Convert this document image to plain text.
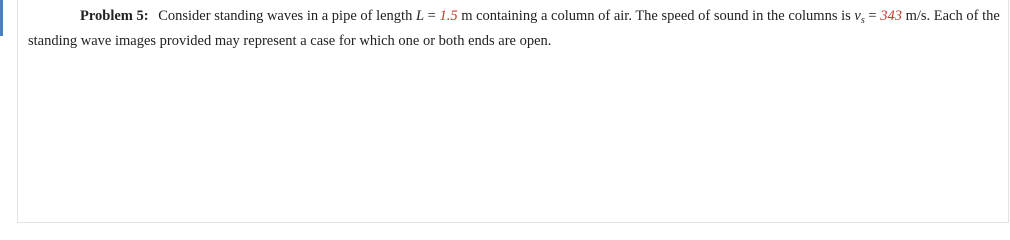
Problem 5: Consider standing waves in a pipe of length L = 1.5 m containing a column of air. The speed of sound in the columns is $v_s = 343$ m/s. Each of the standing wave images provided may represent a case for which one or both ends are open.
